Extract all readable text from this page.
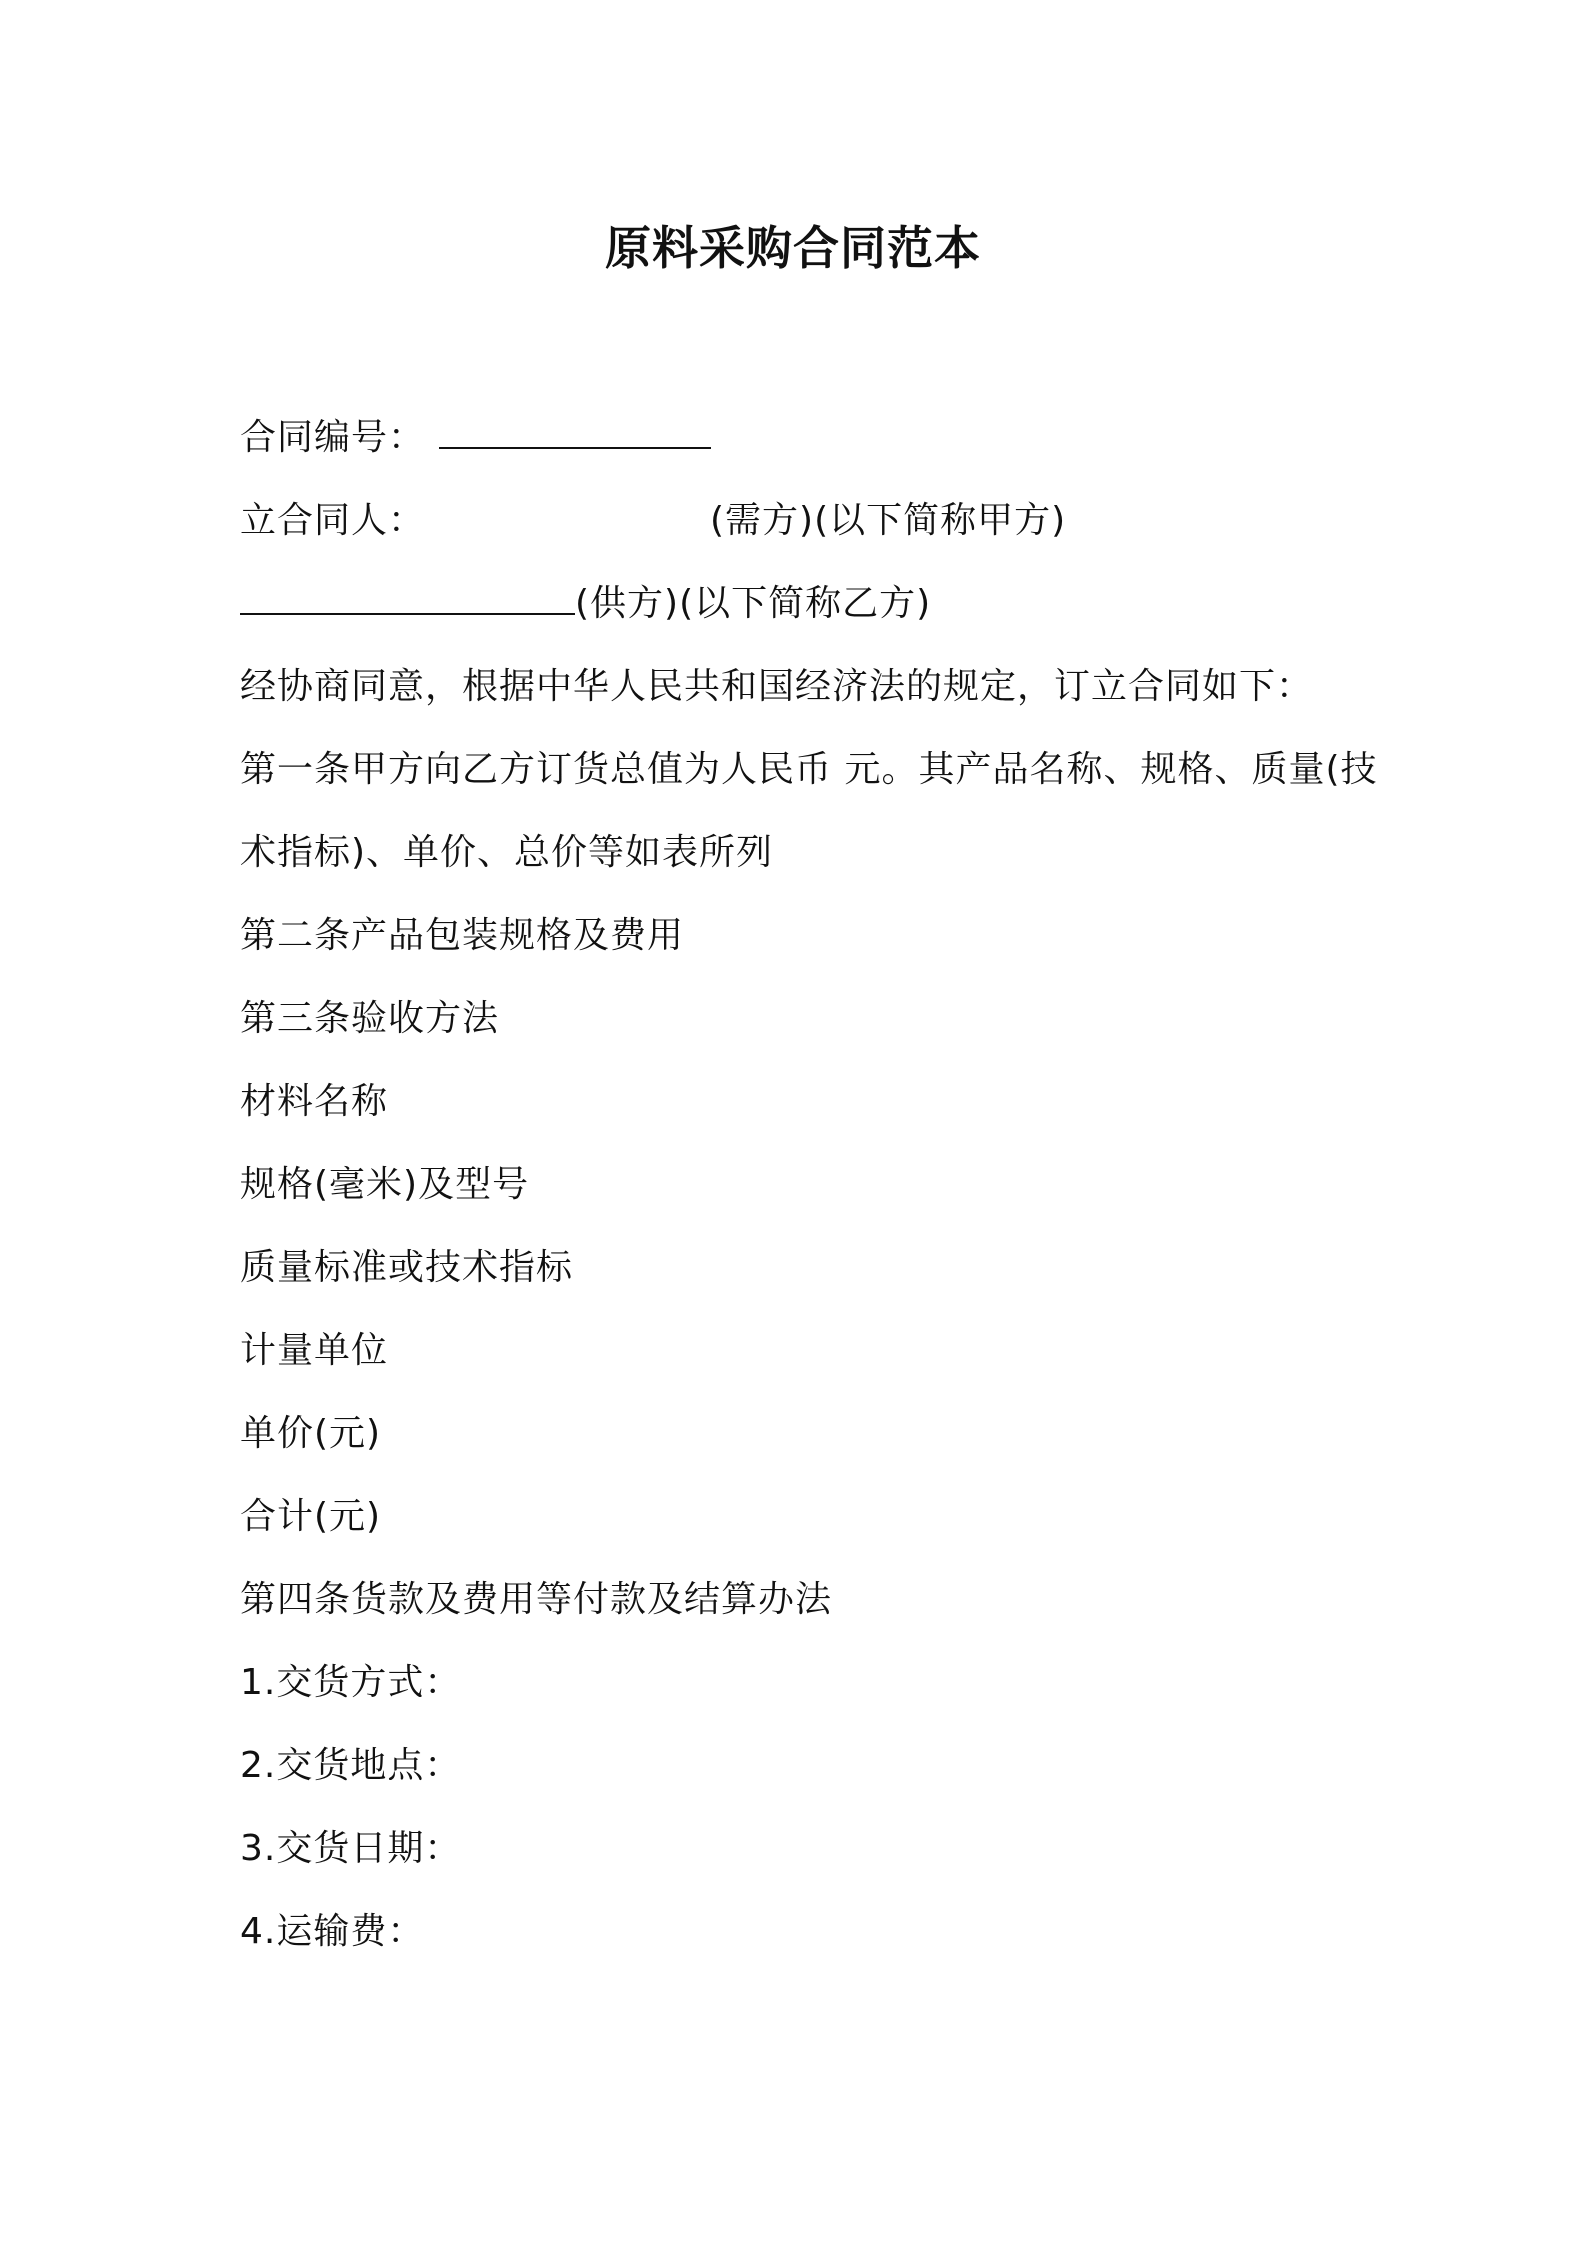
原料采购合同范本
合同编号：
立合同人：	(需方)(以下简称甲方)
(供方)(以下简称乙方)
经协商同意，根据中华人民共和国经济法的规定，订立合同如下：
第一条甲方向乙方订货总值为人民币 元。其产品名称、规格、质量(技
术指标)、单价、总价等如表所列
第二条产品包装规格及费用
第三条验收方法
材料名称
规格(毫米)及型号
质量标准或技术指标
计量单位
单价(元)
合计(元)
第四条货款及费用等付款及结算办法
1.交货方式：
2.交货地点：
3.交货日期：
4.运输费：
